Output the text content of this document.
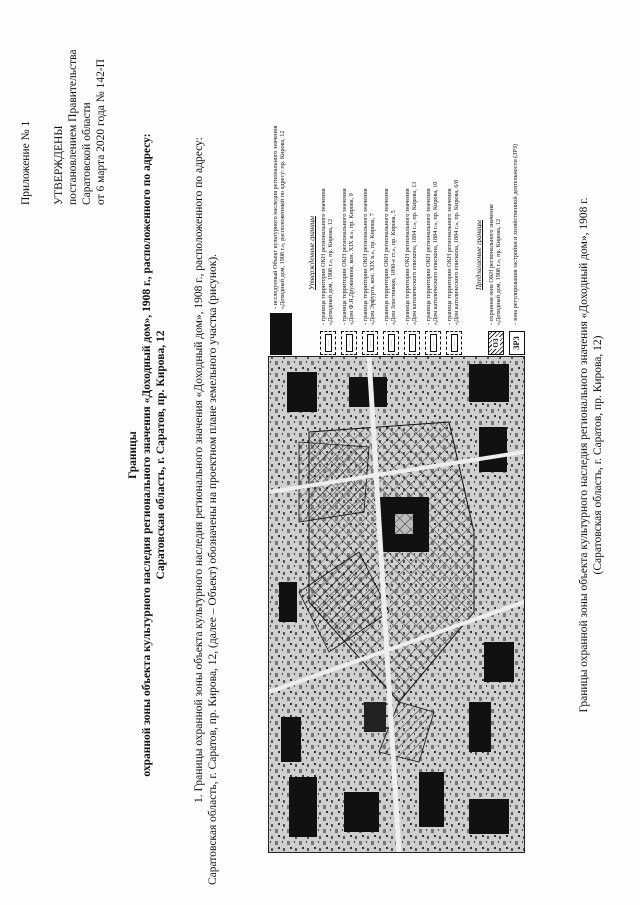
Приложение № 1 УТВЕРЖДЕНЫ постановлением Правительства Саратовской области от 6 марта 2020 года № 142-П
Границы охранной зоны объекта культурного наследия регионального значения «Доходный дом», 1908 г., расположенного по адресу: Саратовская область, г. Саратов, пр. Кирова, 12 1. Границы охранной зоны объекта культурного наследия регионального значения «Доходный дом», 1908 г., расположенного по адресу: Саратовская область, г. Саратов, пр. Кирова, 12, (далее – Объект) обозначены на проектном плане земельного участка (рисунок).	М 1:1000
- исследуемый Объект культурного наследия регионального значения «Доходный дом, 1908 г.», расположенный по адресу: пр. Кирова, 12	Утвержденные границы
——
- граница территории ОКН регионального значения «Доходный дом, 1908 г.», пр. Кирова, 12
——
- граница территории ОКН регионального значения «Дом Ф.Я.Дружинина, кон. XIX в.», пр. Кирова, 9
——
- граница территории ОКН регионального значения «Дом Эрфурта, кон. XIX в.», пр. Кирова, 7
——
- граница территории ОКН регионального значения «Дом Злостников, 1890-е гг.», пр. Кирова, 5
——
- граница территории ОКН регионального значения «Дом католического епископа, 1884 г.», пр. Кирова, 13
——
- граница территории ОКН регионального значения «Дом католического епископа, 1884 г.», пр. Кирова, 10
——
- граница территории ОКН регионального значения «Дом католического епископа, 1884 г.», пр. Кирова, 6/8 Предлагаемые границы
ОЗ
- охранная зона ОКН регионального значения «Доходный дом, 1908 г.», пр. Кирова, 12
ЗРЗ
- зона регулирования застройки и хозяйственной деятельности (ЗРЗ)	Границы охранной зоны объекта культурного наследия регионального значения «Доходный дом», 1908 г. (Саратовская область, г. Саратов, пр. Кирова, 12)
